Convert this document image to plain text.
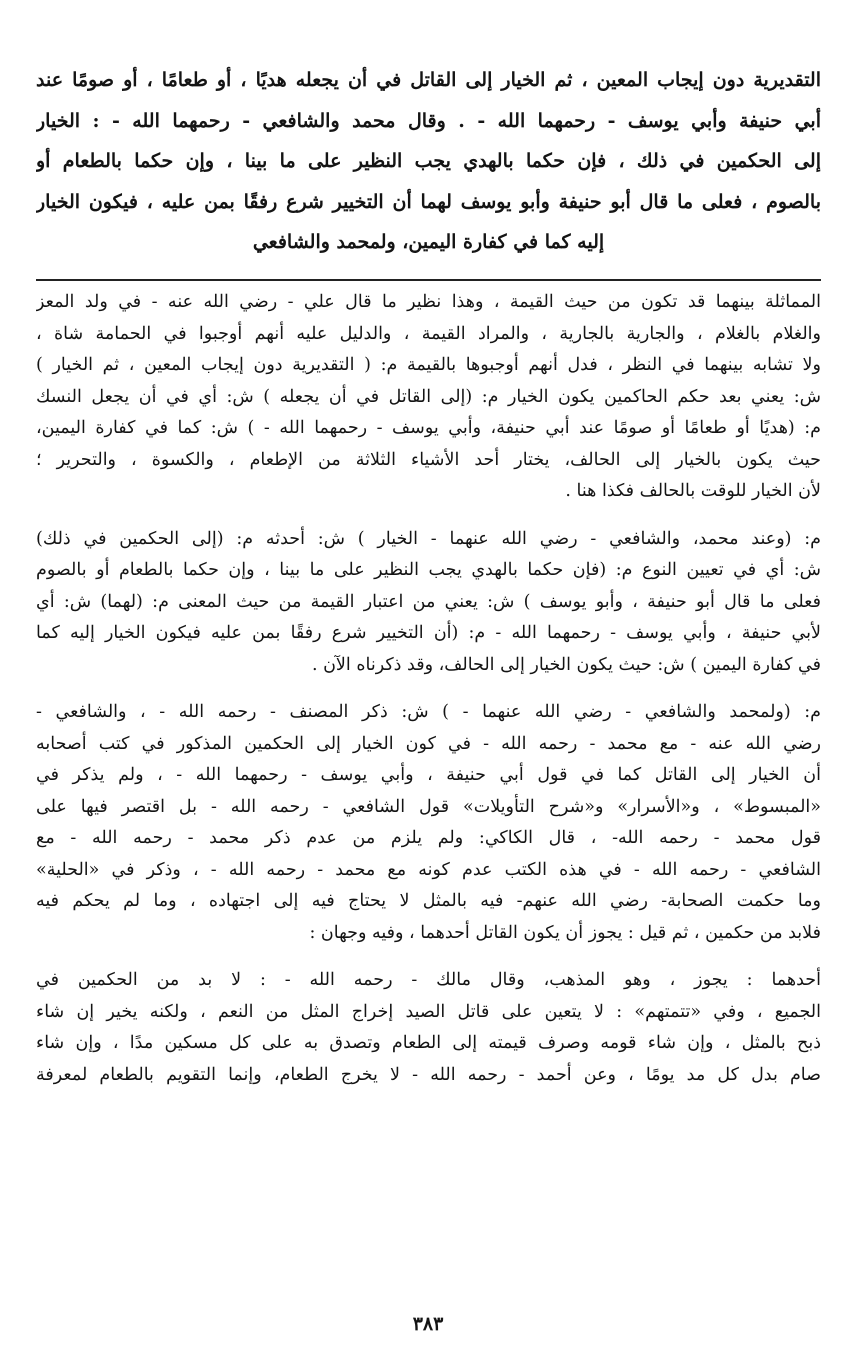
التقديرية دون إيجاب المعين ، ثم الخيار إلى القاتل في أن يجعله هديًا ، أو طعامًا ، أو صومًا عند
أبي حنيفة وأبي يوسف - رحمهما الله - . وقال محمد والشافعي - رحمهما الله - : الخيار
إلى الحكمين في ذلك ، فإن حكما بالهدي يجب النظير على ما بينا ، وإن حكما بالطعام أو
بالصوم ، فعلى ما قال أبو حنيفة وأبو يوسف لهما أن التخيير شرع رفقًا بمن عليه ، فيكون الخيار
إليه كما في كفارة اليمين، ولمحمد والشافعي
المماثلة بينهما قد تكون من حيث القيمة ، وهذا نظير ما قال علي - رضي الله عنه - في ولد المعز
والغلام بالغلام ، والجارية بالجارية ، والمراد القيمة ، والدليل عليه أنهم أوجبوا في الحمامة شاة ،
ولا تشابه بينهما في النظر ، فدل أنهم أوجبوها بالقيمة م: ( التقديرية دون إيجاب المعين ، ثم الخيار )
ش: يعني بعد حكم الحاكمين يكون الخيار م: (إلى القاتل في أن يجعله ) ش: أي في أن يجعل النسك
م: (هديًا أو طعامًا أو صومًا عند أبي حنيفة، وأبي يوسف - رحمهما الله - ) ش: كما في كفارة اليمين،
حيث يكون بالخيار إلى الحالف، يختار أحد الأشياء الثلاثة من الإطعام ، والكسوة ، والتحرير ؛
لأن الخيار للوقت بالحالف فكذا هنا .
م: (وعند محمد، والشافعي - رضي الله عنهما - الخيار ) ش: أحدثه م: (إلى الحكمين في ذلك)
ش: أي في تعيين النوع م: (فإن حكما بالهدي يجب النظير على ما بينا ، وإن حكما بالطعام أو بالصوم
فعلى ما قال أبو حنيفة ، وأبو يوسف ) ش: يعني من اعتبار القيمة من حيث المعنى م: (لهما) ش: أي
لأبي حنيفة ، وأبي يوسف - رحمهما الله - م: (أن التخيير شرع رفقًا بمن عليه فيكون الخيار إليه كما
في كفارة اليمين ) ش: حيث يكون الخيار إلى الحالف، وقد ذكرناه الآن .
م: (ولمحمد والشافعي - رضي الله عنهما - ) ش: ذكر المصنف - رحمه الله - ، والشافعي -
رضي الله عنه - مع محمد - رحمه الله - في كون الخيار إلى الحكمين المذكور في كتب أصحابه
أن الخيار إلى القاتل كما في قول أبي حنيفة ، وأبي يوسف - رحمهما الله - ، ولم يذكر في
«المبسوط» ، و«الأسرار» و«شرح التأويلات» قول الشافعي - رحمه الله - بل اقتصر فيها على
قول محمد - رحمه الله- ، قال الكاكي: ولم يلزم من عدم ذكر محمد - رحمه الله - مع
الشافعي - رحمه الله - في هذه الكتب عدم كونه مع محمد - رحمه الله - ، وذكر في «الحلية»
وما حكمت الصحابة- رضي الله عنهم- فيه بالمثل لا يحتاج فيه إلى اجتهاده ، وما لم يحكم فيه
فلابد من حكمين ، ثم قيل : يجوز أن يكون القاتل أحدهما ، وفيه وجهان :
أحدهما : يجوز ، وهو المذهب، وقال مالك - رحمه الله - : لا بد من الحكمين في
الجميع ، وفي «تتمتهم» : لا يتعين على قاتل الصيد إخراج المثل من النعم ، ولكنه يخير إن شاء
ذبح بالمثل ، وإن شاء قومه وصرف قيمته إلى الطعام وتصدق به على كل مسكين مدًا ، وإن شاء
صام بدل كل مد يومًا ، وعن أحمد - رحمه الله - لا يخرج الطعام، وإنما التقويم بالطعام لمعرفة
٣٨٣
